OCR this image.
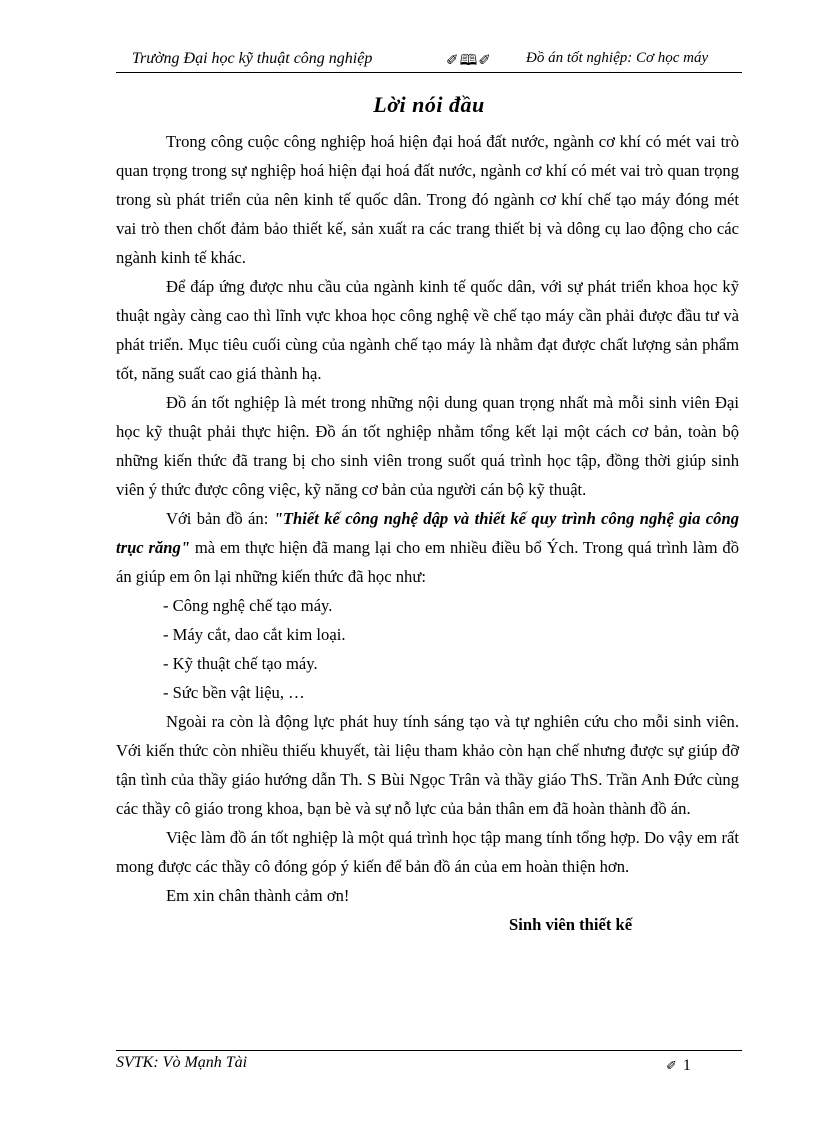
Trường Đại học kỹ thuật công nghiệp	✐🕮✐ Đồ án tốt nghiệp: Cơ học máy
Lời nói đầu

Trong công cuộc công nghiệp hoá hiện đại hoá đất nước, ngành cơ khí có mét vai trò quan trọng trong sự nghiệp hoá hiện đại hoá đất nước, ngành cơ khí có mét vai trò quan trọng trong sù phát triển của nên kinh tế quốc dân. Trong đó ngành cơ khí chế tạo máy đóng mét vai trò then chốt đảm bảo thiết kế, sản xuất ra các trang thiết bị và dông cụ lao động cho các ngành kinh tế khác.

Để đáp ứng được nhu cầu của ngành kinh tế quốc dân, với sự phát triển khoa học kỹ thuật ngày càng cao thì lĩnh vực khoa học công nghệ về chế tạo máy cần phải được đầu tư và phát triển. Mục tiêu cuối cùng của ngành chế tạo máy là nhằm đạt được chất lượng sản phẩm tốt, năng suất cao giá thành hạ.

Đồ án tốt nghiệp là mét trong những nội dung quan trọng nhất mà mỗi sinh viên Đại học kỹ thuật phải thực hiện. Đồ án tốt nghiệp nhằm tổng kết lại một cách cơ bản, toàn bộ những kiến thức đã trang bị cho sinh viên trong suốt quá trình học tập, đồng thời giúp sinh viên ý thức được công việc, kỹ năng cơ bản của người cán bộ kỹ thuật.

Với bản đồ án: "Thiết kế công nghệ dập và thiết kế quy trình công nghệ gia công trục răng" mà em thực hiện đã mang lại cho em nhiều điều bổ Ých. Trong quá trình làm đồ án giúp em ôn lại những kiến thức đã học như:

- Công nghệ chế tạo máy.

- Máy cắt, dao cắt kim loại.

- Kỹ thuật chế tạo máy.

- Sức bền vật liệu, …

Ngoài ra còn là động lực phát huy tính sáng tạo và tự nghiên cứu cho mỗi sinh viên. Với kiến thức còn nhiều thiếu khuyết, tài liệu tham khảo còn hạn chế nhưng được sự giúp đỡ tận tình của thầy giáo hướng dẫn Th. S Bùi Ngọc Trân và thầy giáo ThS. Trần Anh Đức cùng các thầy cô giáo trong khoa, bạn bè và sự nỗ lực của bản thân em đã hoàn thành đồ án.

Việc làm đồ án tốt nghiệp là một quá trình học tập mang tính tổng hợp. Do vậy em rất mong được các thầy cô đóng góp ý kiến để bản đồ án của em hoàn thiện hơn.

Em xin chân thành cảm ơn!

Sinh viên thiết kế

SVTK: Vò Mạnh Tài	✐ 1
